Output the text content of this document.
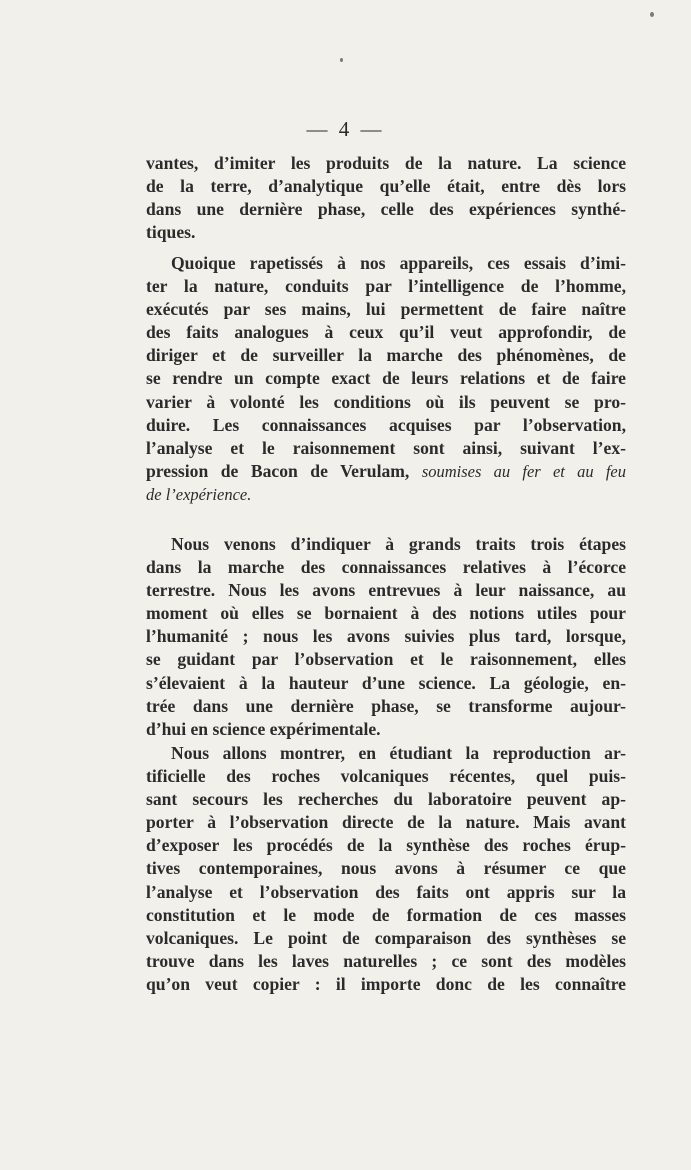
— 4 —

vantes, d’imiter les produits de la nature. La science
de la terre, d’analytique qu’elle était, entre dès lors
dans une dernière phase, celle des expériences synthé-
tiques.

Quoique rapetissés à nos appareils, ces essais d’imi-
ter la nature, conduits par l’intelligence de l’homme,
exécutés par ses mains, lui permettent de faire naître
des faits analogues à ceux qu’il veut approfondir, de
diriger et de surveiller la marche des phénomènes, de
se rendre un compte exact de leurs relations et de faire
varier à volonté les conditions où ils peuvent se pro-
duire. Les connaissances acquises par l’observation,
l’analyse et le raisonnement sont ainsi, suivant l’ex-
pression de Bacon de Verulam, soumises au fer et au feu
de l’expérience.

Nous venons d’indiquer à grands traits trois étapes
dans la marche des connaissances relatives à l’écorce
terrestre. Nous les avons entrevues à leur naissance, au
moment où elles se bornaient à des notions utiles pour
l’humanité ; nous les avons suivies plus tard, lorsque,
se guidant par l’observation et le raisonnement, elles
s’élevaient à la hauteur d’une science. La géologie, en-
trée dans une dernière phase, se transforme aujour-
d’hui en science expérimentale.

Nous allons montrer, en étudiant la reproduction ar-
tificielle des roches volcaniques récentes, quel puis-
sant secours les recherches du laboratoire peuvent ap-
porter à l’observation directe de la nature. Mais avant
d’exposer les procédés de la synthèse des roches érup-
tives contemporaines, nous avons à résumer ce que
l’analyse et l’observation des faits ont appris sur la
constitution et le mode de formation de ces masses
volcaniques. Le point de comparaison des synthèses se
trouve dans les laves naturelles ; ce sont des modèles
qu’on veut copier : il importe donc de les connaître
